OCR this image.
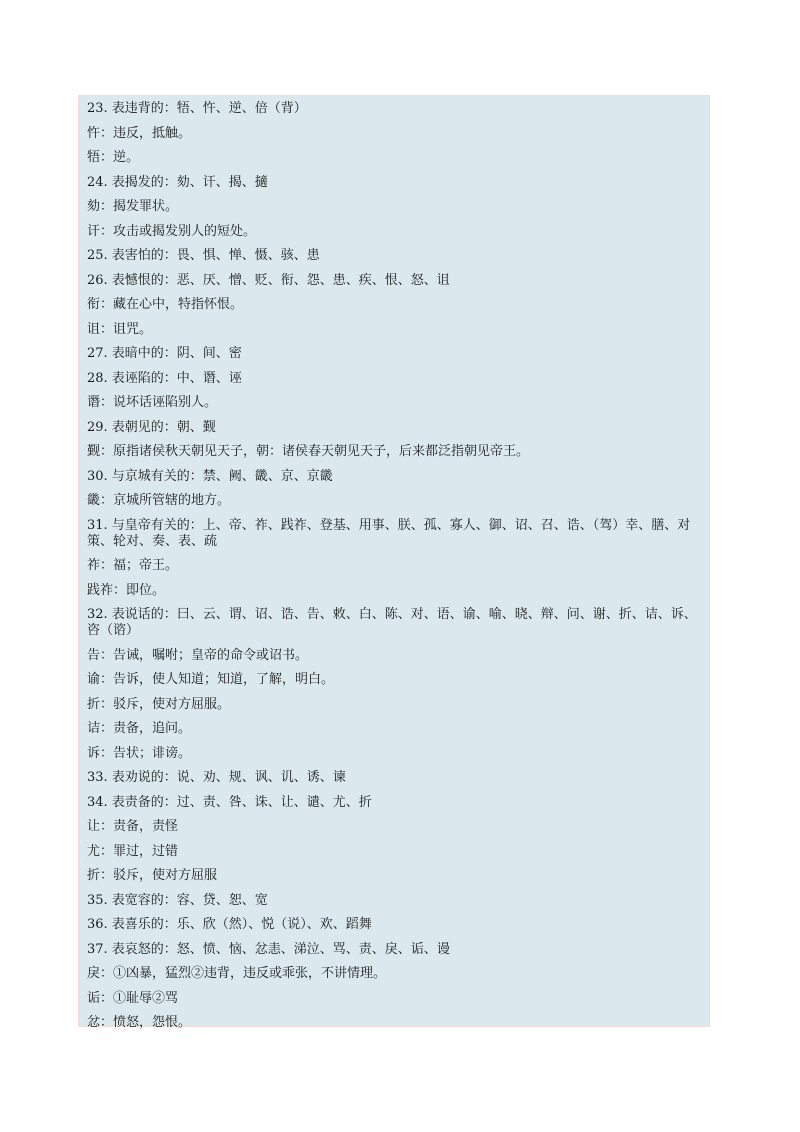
23. 表违背的：牾、忤、逆、倍（背）
忤：违反，抵触。
牾：逆。
24. 表揭发的：劾、讦、揭、擿
劾：揭发罪状。
讦：攻击或揭发别人的短处。
25. 表害怕的：畏、惧、惮、慑、骇、患
26. 表憾恨的：恶、厌、憎、贬、衔、怨、患、疾、恨、怒、诅
衔：藏在心中，特指怀恨。
诅：诅咒。
27. 表暗中的：阴、间、密
28. 表诬陷的：中、谮、诬
谮：说坏话诬陷别人。
29. 表朝见的：朝、觐
觐：原指诸侯秋天朝见天子，朝：诸侯春天朝见天子，后来都泛指朝见帝王。
30. 与京城有关的：禁、阙、畿、京、京畿
畿：京城所管辖的地方。
31. 与皇帝有关的：上、帝、祚、践祚、登基、用事、朕、孤、寡人、御、诏、召、诰、（驾）幸、膳、对策、轮对、奏、表、疏
祚：福；帝王。
践祚：即位。
32. 表说话的：曰、云、谓、诏、诰、告、敕、白、陈、对、语、谕、喻、晓、辩、问、谢、折、诘、诉、咨（谘）
告：告诫，嘱咐；皇帝的命令或诏书。
谕：告诉，使人知道；知道，了解，明白。
折：驳斥，使对方屈服。
诘：责备，追问。
诉：告状；诽谤。
33. 表劝说的：说、劝、规、讽、讥、诱、谏
34. 表责备的：过、责、咎、诛、让、谴、尤、折
让：责备，责怪
尤：罪过，过错
折：驳斥，使对方屈服
35. 表宽容的：容、贷、恕、宽
36. 表喜乐的：乐、欣（然）、悦（说）、欢、蹈舞
37. 表哀怒的：怒、愤、恼、忿恚、涕泣、骂、责、戾、诟、谩
戾：①凶暴，猛烈②违背，违反或乖张，不讲情理。
诟：①耻辱②骂
忿：愤怒，怨恨。
